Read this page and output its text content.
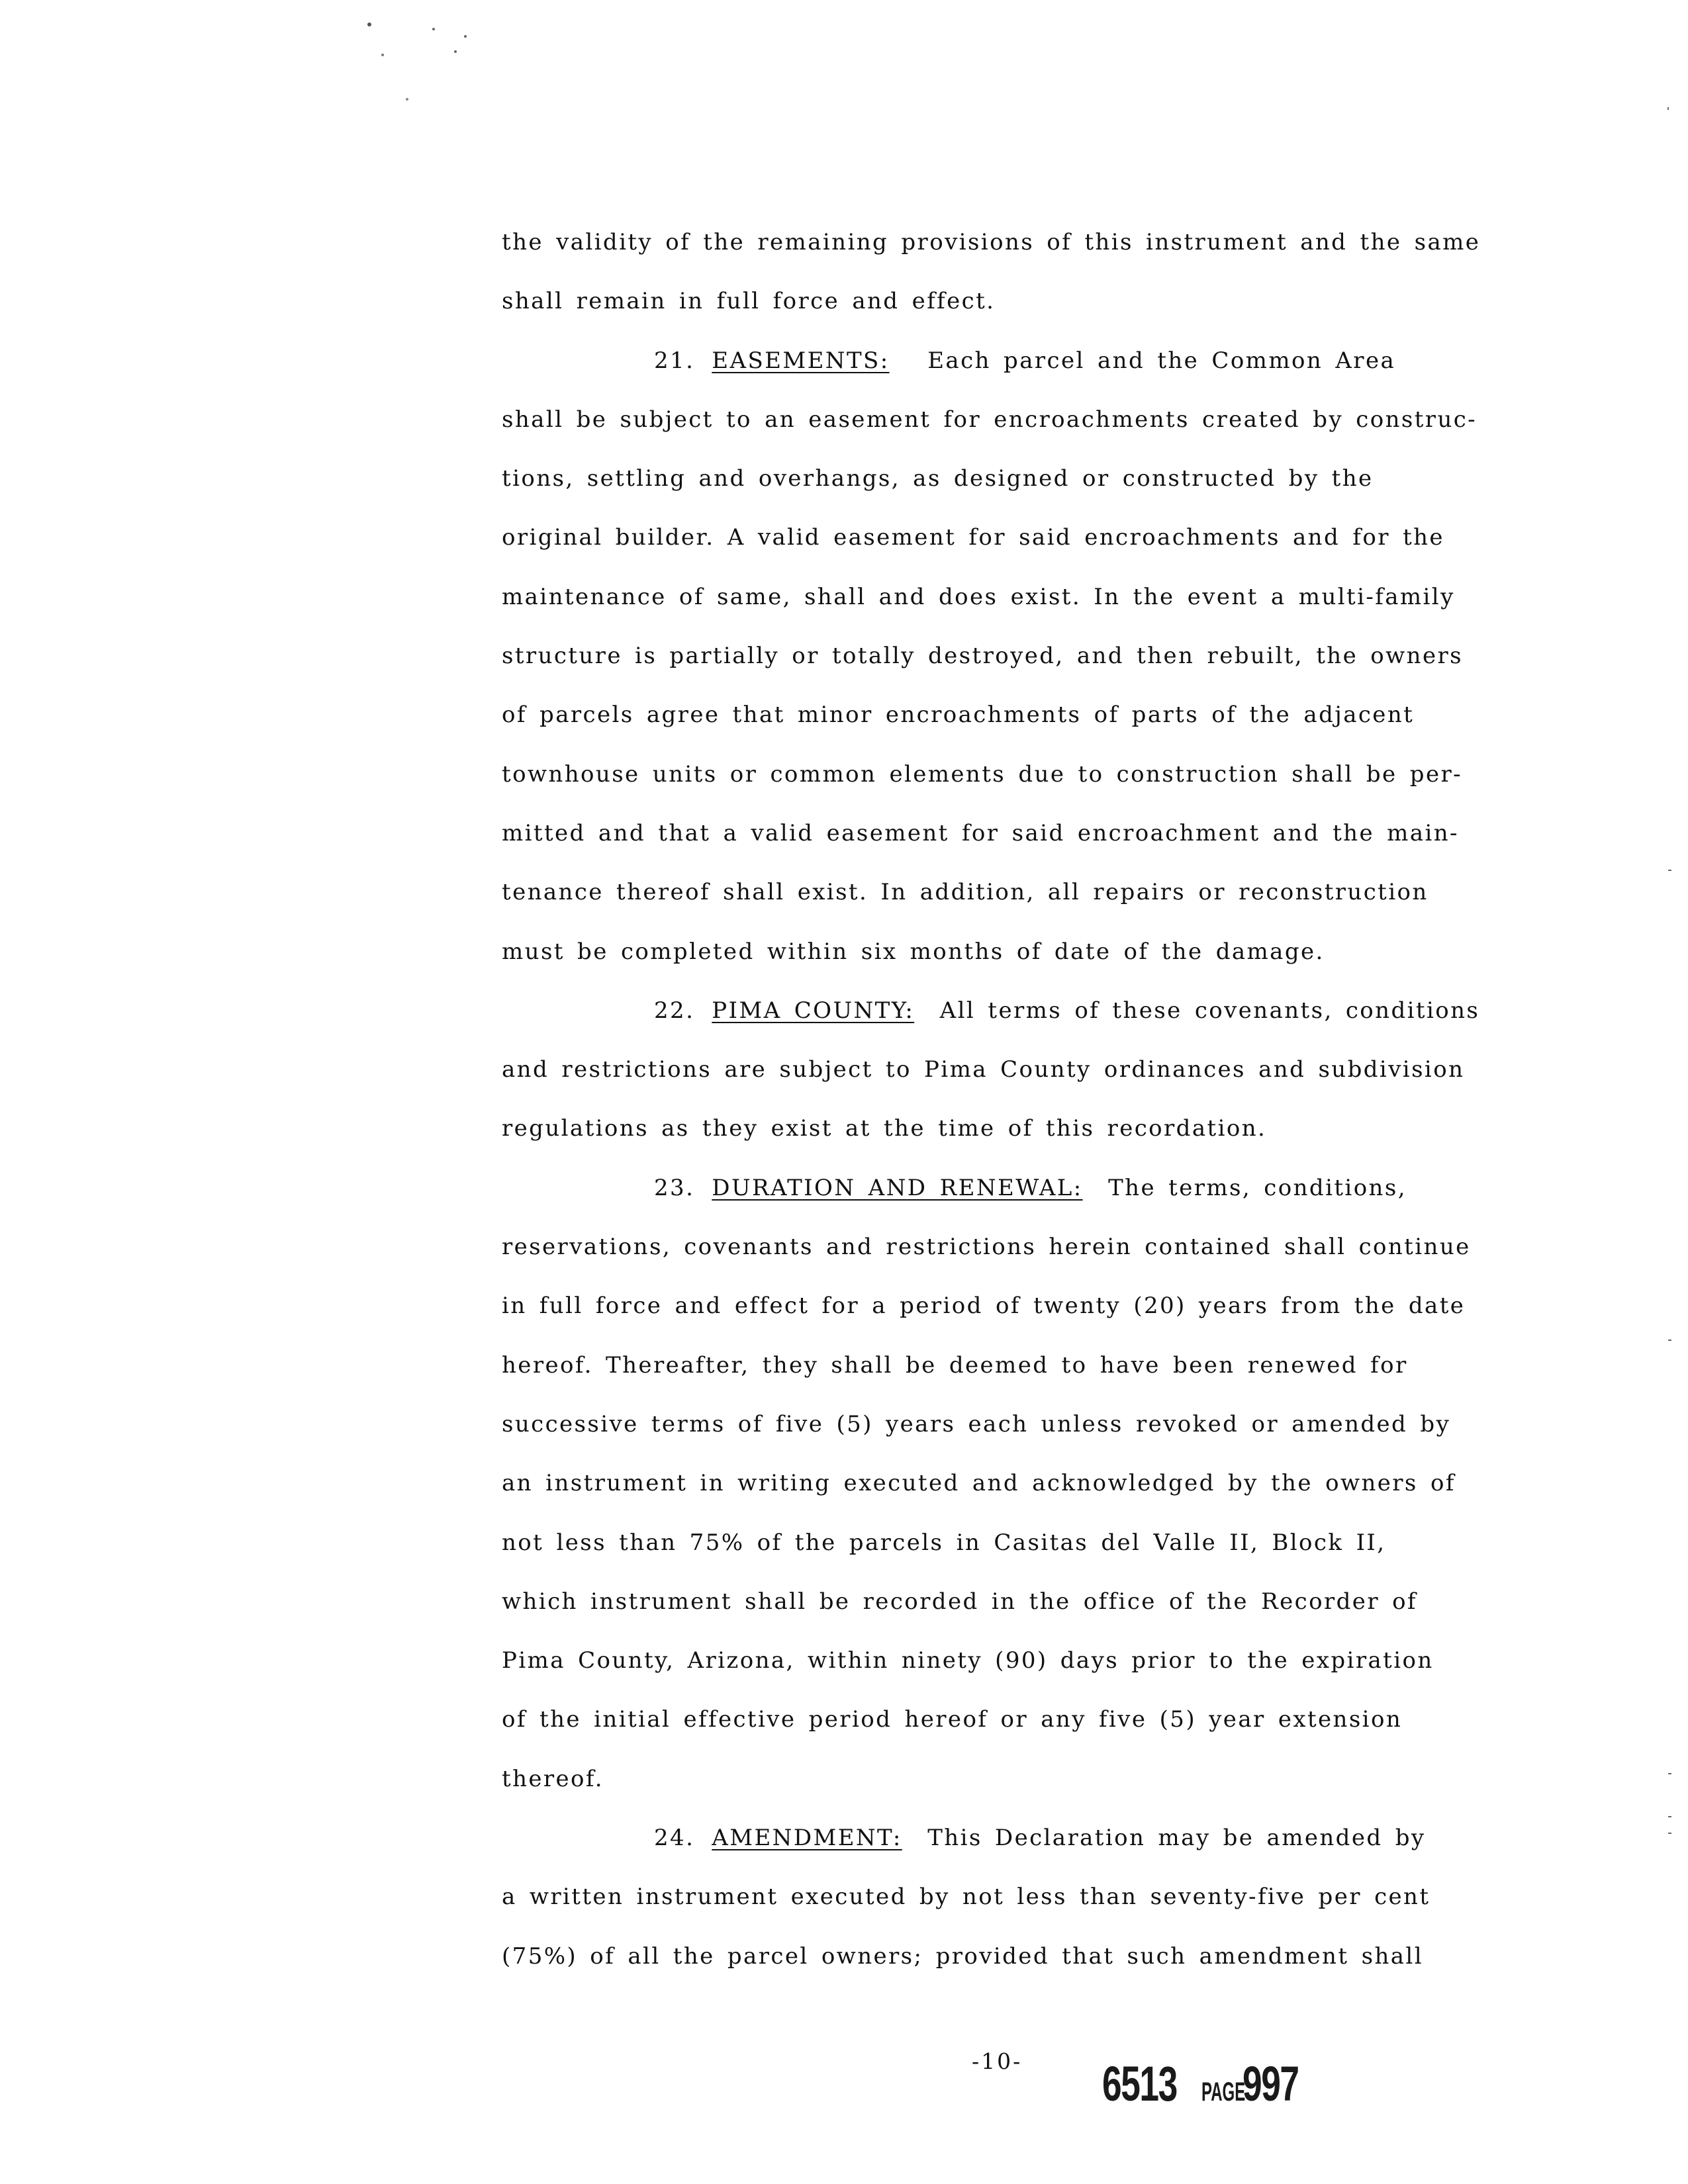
the validity of the remaining provisions of this instrument and the same
shall remain in full force and effect.
21. EASEMENTS: Each parcel and the Common Area
shall be subject to an easement for encroachments created by construc-
tions, settling and overhangs, as designed or constructed by the
original builder. A valid easement for said encroachments and for the
maintenance of same, shall and does exist. In the event a multi-family
structure is partially or totally destroyed, and then rebuilt, the owners
of parcels agree that minor encroachments of parts of the adjacent
townhouse units or common elements due to construction shall be per-
mitted and that a valid easement for said encroachment and the main-
tenance thereof shall exist. In addition, all repairs or reconstruction
must be completed within six months of date of the damage.
22. PIMA COUNTY: All terms of these covenants, conditions
and restrictions are subject to Pima County ordinances and subdivision
regulations as they exist at the time of this recordation.
23. DURATION AND RENEWAL: The terms, conditions,
reservations, covenants and restrictions herein contained shall continue
in full force and effect for a period of twenty (20) years from the date
hereof. Thereafter, they shall be deemed to have been renewed for
successive terms of five (5) years each unless revoked or amended by
an instrument in writing executed and acknowledged by the owners of
not less than 75% of the parcels in Casitas del Valle II, Block II,
which instrument shall be recorded in the office of the Recorder of
Pima County, Arizona, within ninety (90) days prior to the expiration
of the initial effective period hereof or any five (5) year extension
thereof.
24. AMENDMENT: This Declaration may be amended by
a written instrument executed by not less than seventy-five per cent
(75%) of all the parcel owners; provided that such amendment shall
-10- 6513 PAGE
997
